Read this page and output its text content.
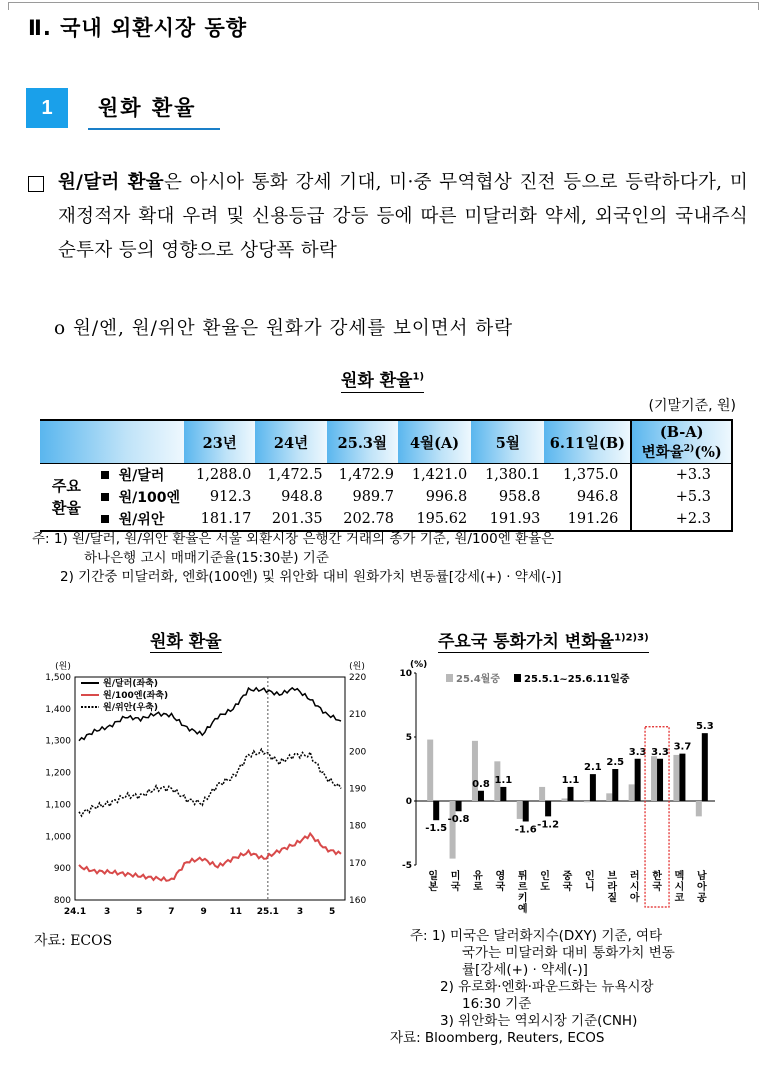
Ⅱ. 국내 외환시장 동향
1	원화 환율
원/달러 환율은 아시아 통화 강세 기대, 미·중 무역협상 진전 등으로 등락하다가, 미 재정적자 확대 우려 및 신용등급 강등 등에 따른 미달러화 약세, 외국인의 국내주식 순투자 등의 영향으로 상당폭 하락
o 원/엔, 원/위안 환율은 원화가 강세를 보이면서 하락
원화 환율$^{1)}$
(기말기준, 원)
		23년	24년	25.3월	4월(A)	5월	6.11일(B)	(B-A)
변화율$^{2)}$(%)

주요
환율	원/달러	1,288.0	1,472.5	1,472.9	1,421.0	1,380.1	1,375.0	+3.3
	원/100엔	912.3	948.8	989.7	996.8	958.8	946.8	+5.3
	원/위안	181.17	201.35	202.78	195.62	191.93	191.26	+2.3
주: 1) 원/달러, 원/위안 환율은 서울 외환시장 은행간 거래의 종가 기준, 원/100엔 환율은
하나은행 고시 매매기준율(15:30분) 기준
2) 기간중 미달러화, 엔화(100엔) 및 위안화 대비 원화가치 변동률[강세(+) · 약세(-)]
원화 환율	주요국 통화가치 변화율$^{1)2)3)}$
(원)	(원)
800
900
1,000
1,100
1,200
1,300
1,400
1,500
160
170
180
190
200
210
220
24.1 3	5	7	9	11 25.1 3	5
원/달러(좌축)
원/100엔(좌축)
원/위안(우축)
(%)
-5
0
5
10	25.4월중 25.5.1~25.6.11일중
-1.5
일
본
-0.8
미
국
0.8
유
로
1.1
영
국
-1.6
튀
르
키
예
-1.2
인
도
1.1
중
국
2.1
인
니
2.5
브
라
질
3.3
러
시
아
3.3
한
국
3.7
멕
시
코
5.3
남
아
공
자료: ECOS	주: 1) 미국은 달러화지수(DXY) 기준, 여타
국가는 미달러화 대비 통화가치 변동
률[강세(+) · 약세(-)]
2) 유로화·엔화·파운드화는 뉴욕시장
16:30 기준
3) 위안화는 역외시장 기준(CNH)
자료: Bloomberg, Reuters, ECOS
